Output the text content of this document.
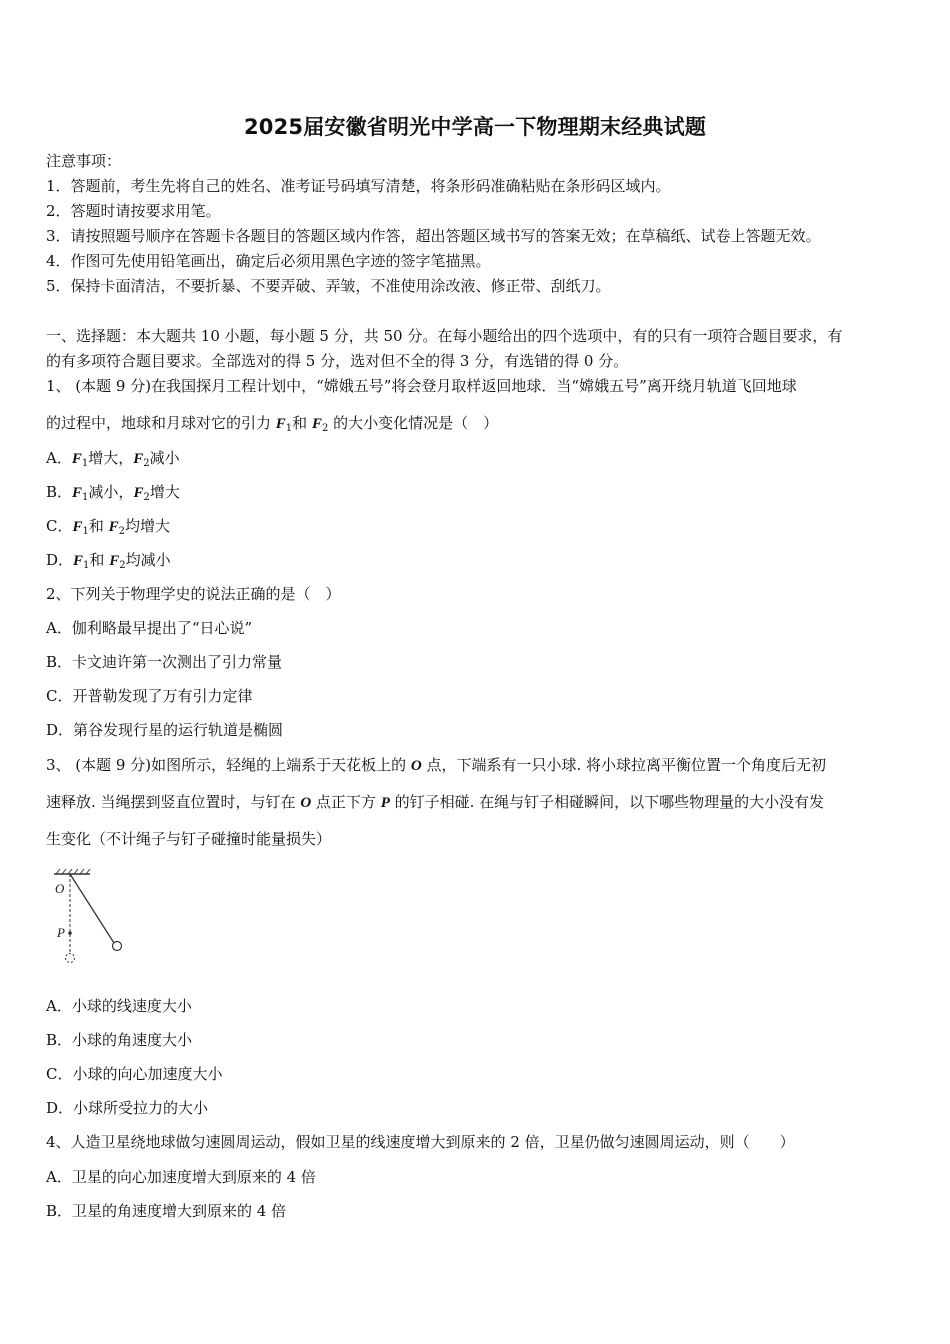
2025届安徽省明光中学高一下物理期末经典试题
注意事项：
1．答题前，考生先将自己的姓名、准考证号码填写清楚，将条形码准确粘贴在条形码区域内。
2．答题时请按要求用笔。
3．请按照题号顺序在答题卡各题目的答题区域内作答，超出答题区域书写的答案无效；在草稿纸、试卷上答题无效。
4．作图可先使用铅笔画出，确定后必须用黑色字迹的签字笔描黑。
5．保持卡面清洁，不要折暴、不要弄破、弄皱，不准使用涂改液、修正带、刮纸刀。
一、选择题：本大题共 10 小题，每小题 5 分，共 50 分。在每小题给出的四个选项中，有的只有一项符合题目要求，有
的有多项符合题目要求。全部选对的得 5 分，选对但不全的得 3 分，有选错的得 0 分。
1、 (本题 9 分)在我国探月工程计划中，“嫦娥五号”将会登月取样返回地球．当“嫦娥五号”离开绕月轨道飞回地球
的过程中，地球和月球对它的引力 $F_1$和 $F_2$ 的大小变化情况是（　）
A．$F_1$增大，$F_2$减小
B．$F_1$减小，$F_2$增大
C．$F_1$和 $F_2$均增大
D．$F_1$和 $F_2$均减小
2、下列关于物理学史的说法正确的是（　）
A．伽利略最早提出了“日心说”
B．卡文迪许第一次测出了引力常量
C．开普勒发现了万有引力定律
D．第谷发现行星的运行轨道是椭圆
3、 (本题 9 分)如图所示，轻绳的上端系于天花板上的 O 点，下端系有一只小球. 将小球拉离平衡位置一个角度后无初
速释放. 当绳摆到竖直位置时，与钉在 O 点正下方 P 的钉子相碰. 在绳与钉子相碰瞬间，以下哪些物理量的大小没有发
生变化（不计绳子与钉子碰撞时能量损失）
O
P
A．小球的线速度大小
B．小球的角速度大小
C．小球的向心加速度大小
D．小球所受拉力的大小
4、人造卫星绕地球做匀速圆周运动，假如卫星的线速度增大到原来的 2 倍，卫星仍做匀速圆周运动，则（　　）
A．卫星的向心加速度增大到原来的 4 倍
B．卫星的角速度增大到原来的 4 倍
